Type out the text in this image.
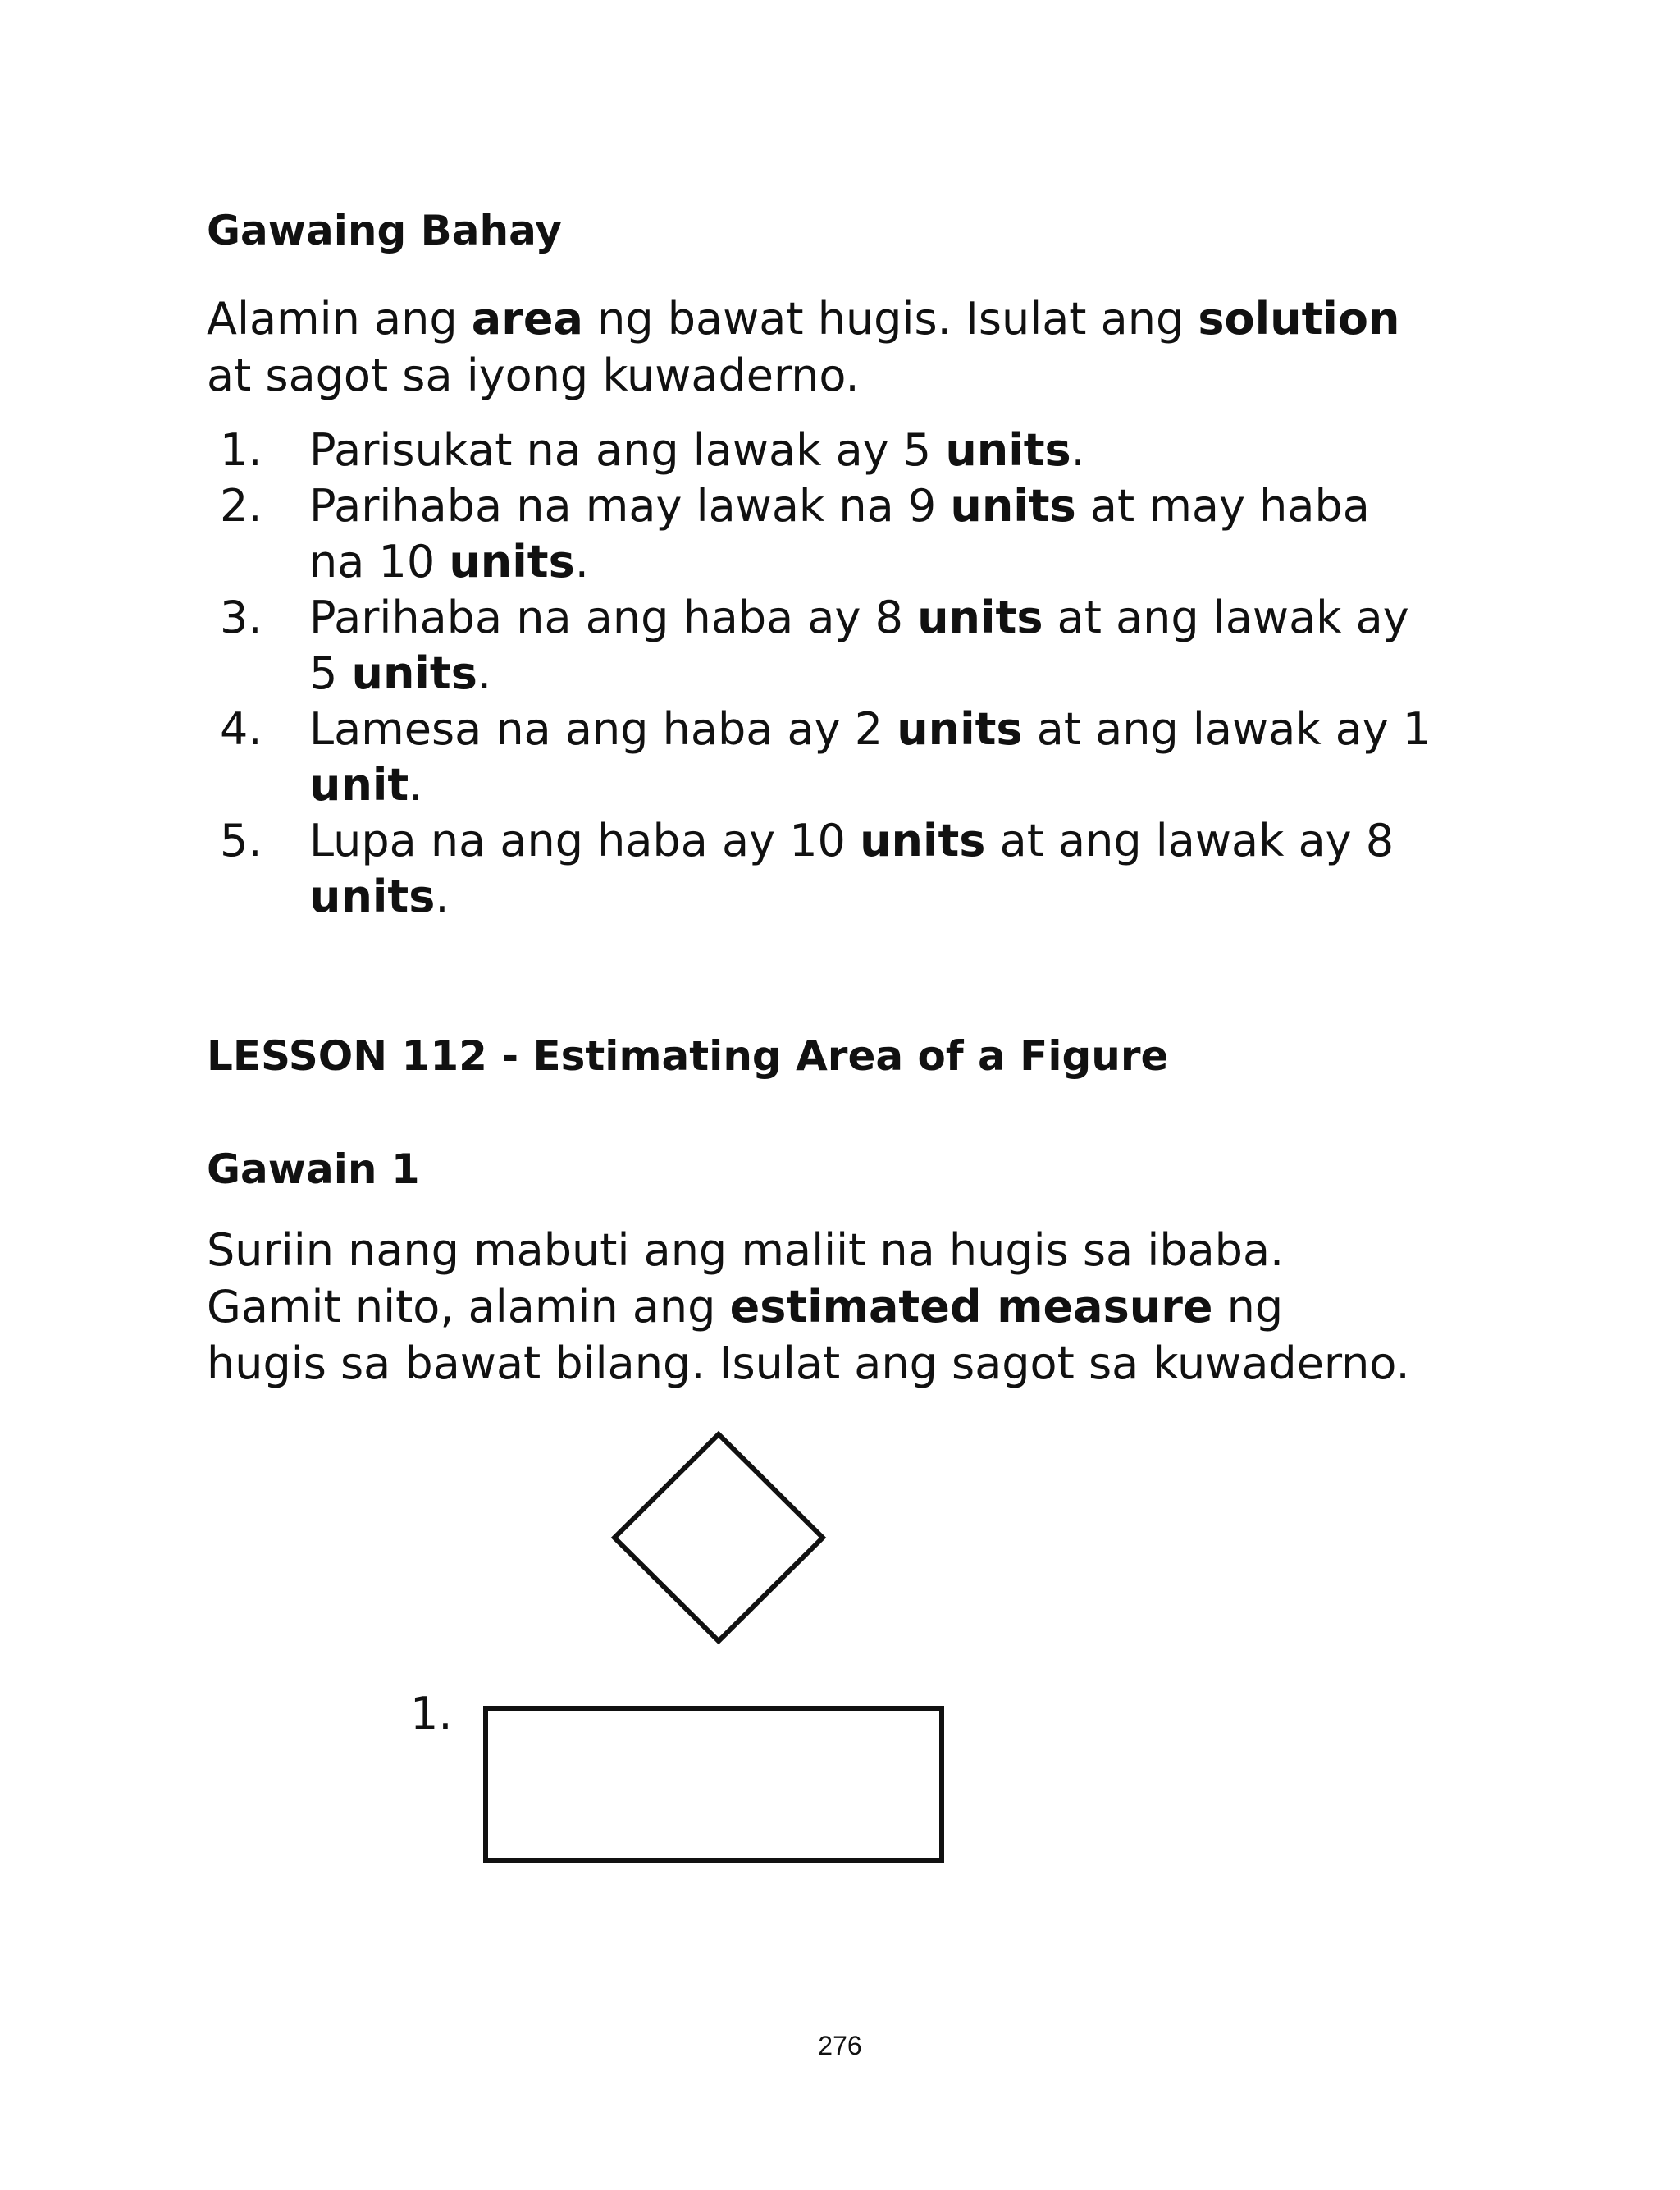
Gawaing Bahay

Alamin ang area ng bawat hugis. Isulat ang solution at sagot sa iyong kuwaderno.

1. Parisukat na ang lawak ay 5 units.
2. Parihaba na may lawak na 9 units at may haba na 10 units.
3. Parihaba na ang haba ay 8 units at ang lawak ay 5 units.
4. Lamesa na ang haba ay 2 units at ang lawak ay 1 unit.
5. Lupa na ang haba ay 10 units at ang lawak ay 8 units.
LESSON 112 - Estimating Area of a Figure
Gawain 1

Suriin nang mabuti ang maliit na hugis sa ibaba. Gamit nito, alamin ang estimated measure ng hugis sa bawat bilang. Isulat ang sagot sa kuwaderno.

1.

276
